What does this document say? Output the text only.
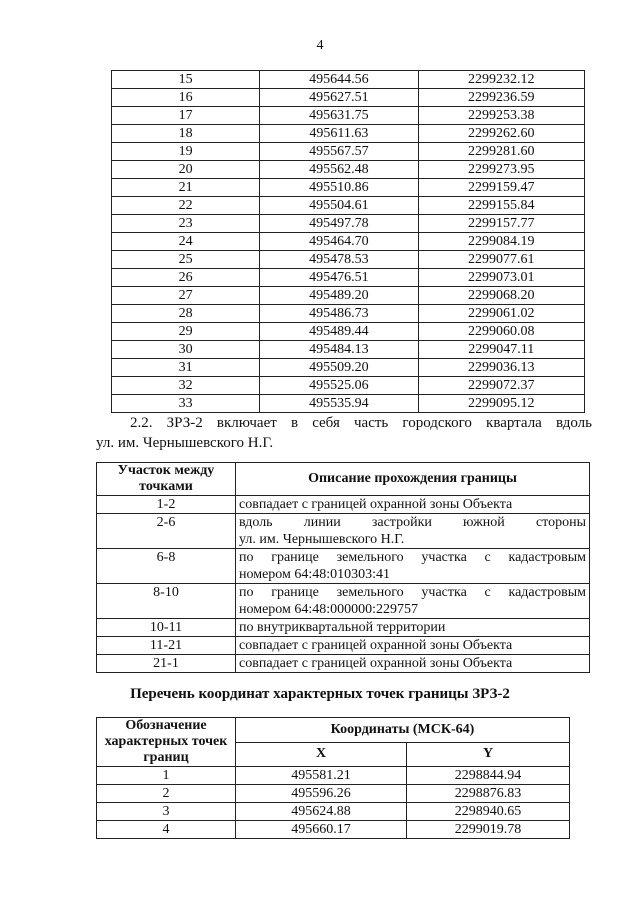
4
15	495644.56	2299232.12
16	495627.51	2299236.59
17	495631.75	2299253.38
18	495611.63	2299262.60
19	495567.57	2299281.60
20	495562.48	2299273.95
21	495510.86	2299159.47
22	495504.61	2299155.84
23	495497.78	2299157.77
24	495464.70	2299084.19
25	495478.53	2299077.61
26	495476.51	2299073.01
27	495489.20	2299068.20
28	495486.73	2299061.02
29	495489.44	2299060.08
30	495484.13	2299047.11
31	495509.20	2299036.13
32	495525.06	2299072.37
33	495535.94	2299095.12
2.2. ЗРЗ-2 включает в себя часть городского квартала вдоль
ул. им. Чернышевского Н.Г.
Участок между точками	Описание прохождения границы
1-2	совпадает с границей охранной зоны Объекта

2-6	вдоль линии застройки южной стороны
ул. им. Чернышевского Н.Г.

6-8	по границе земельного участка с кадастровым
номером 64:48:010303:41

8-10	по границе земельного участка с кадастровым
номером 64:48:000000:229757

10-11	по внутриквартальной территории

11-21	совпадает с границей охранной зоны Объекта

21-1	совпадает с границей охранной зоны Объекта
Перечень координат характерных точек границы ЗРЗ-2
Обозначение характерных точек границ	Координаты (МСК-64)	
	X	Y
1	495581.21	2298844.94
2	495596.26	2298876.83
3	495624.88	2298940.65
4	495660.17	2299019.78
